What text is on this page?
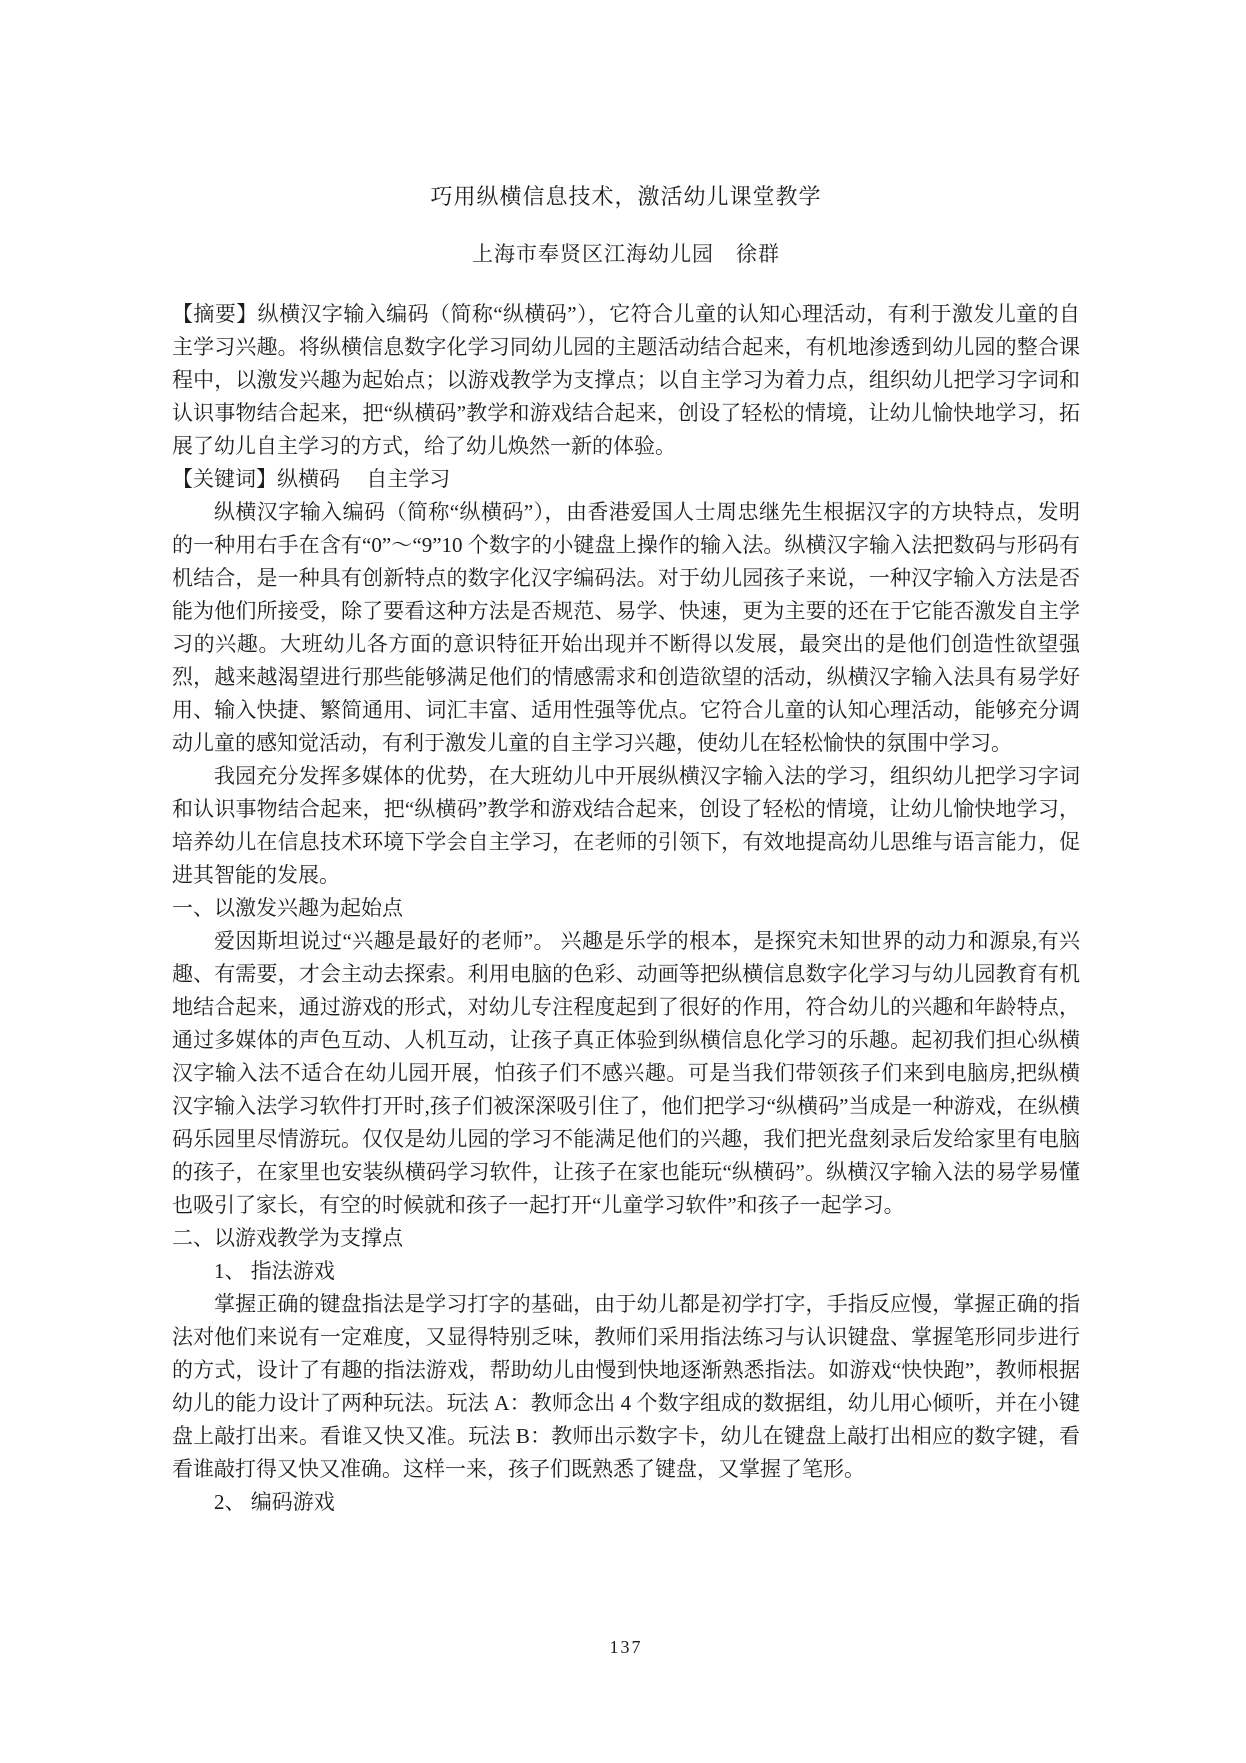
巧用纵横信息技术，激活幼儿课堂教学
上海市奉贤区江海幼儿园　徐群

【摘要】纵横汉字输入编码（简称“纵横码”），它符合儿童的认知心理活动，有利于激发儿童的自主学习兴趣。将纵横信息数字化学习同幼儿园的主题活动结合起来，有机地渗透到幼儿园的整合课程中，以激发兴趣为起始点；以游戏教学为支撑点；以自主学习为着力点，组织幼儿把学习字词和认识事物结合起来，把“纵横码”教学和游戏结合起来，创设了轻松的情境，让幼儿愉快地学习，拓展了幼儿自主学习的方式，给了幼儿焕然一新的体验。

【关键词】纵横码　 自主学习

纵横汉字输入编码（简称“纵横码”），由香港爱国人士周忠继先生根据汉字的方块特点，发明的一种用右手在含有“0”～“9”10 个数字的小键盘上操作的输入法。纵横汉字输入法把数码与形码有机结合，是一种具有创新特点的数字化汉字编码法。对于幼儿园孩子来说，一种汉字输入方法是否能为他们所接受，除了要看这种方法是否规范、易学、快速，更为主要的还在于它能否激发自主学习的兴趣。大班幼儿各方面的意识特征开始出现并不断得以发展，最突出的是他们创造性欲望强烈，越来越渴望进行那些能够满足他们的情感需求和创造欲望的活动，纵横汉字输入法具有易学好用、输入快捷、繁简通用、词汇丰富、适用性强等优点。它符合儿童的认知心理活动，能够充分调动儿童的感知觉活动，有利于激发儿童的自主学习兴趣，使幼儿在轻松愉快的氛围中学习。

我园充分发挥多媒体的优势，在大班幼儿中开展纵横汉字输入法的学习，组织幼儿把学习字词和认识事物结合起来，把“纵横码”教学和游戏结合起来，创设了轻松的情境，让幼儿愉快地学习，培养幼儿在信息技术环境下学会自主学习，在老师的引领下，有效地提高幼儿思维与语言能力，促进其智能的发展。

一、以激发兴趣为起始点

爱因斯坦说过“兴趣是最好的老师”。 兴趣是乐学的根本，是探究未知世界的动力和源泉,有兴趣、有需要，才会主动去探索。利用电脑的色彩、动画等把纵横信息数字化学习与幼儿园教育有机地结合起来，通过游戏的形式，对幼儿专注程度起到了很好的作用，符合幼儿的兴趣和年龄特点，通过多媒体的声色互动、人机互动，让孩子真正体验到纵横信息化学习的乐趣。起初我们担心纵横汉字输入法不适合在幼儿园开展，怕孩子们不感兴趣。可是当我们带领孩子们来到电脑房,把纵横汉字输入法学习软件打开时,孩子们被深深吸引住了，他们把学习“纵横码”当成是一种游戏，在纵横码乐园里尽情游玩。仅仅是幼儿园的学习不能满足他们的兴趣，我们把光盘刻录后发给家里有电脑的孩子，在家里也安装纵横码学习软件，让孩子在家也能玩“纵横码”。纵横汉字输入法的易学易懂也吸引了家长，有空的时候就和孩子一起打开“儿童学习软件”和孩子一起学习。

二、以游戏教学为支撑点

1、 指法游戏

掌握正确的键盘指法是学习打字的基础，由于幼儿都是初学打字，手指反应慢，掌握正确的指法对他们来说有一定难度，又显得特别乏味，教师们采用指法练习与认识键盘、掌握笔形同步进行的方式，设计了有趣的指法游戏，帮助幼儿由慢到快地逐渐熟悉指法。如游戏“快快跑”，教师根据幼儿的能力设计了两种玩法。玩法 A：教师念出 4 个数字组成的数据组，幼儿用心倾听，并在小键盘上敲打出来。看谁又快又准。玩法 B：教师出示数字卡，幼儿在键盘上敲打出相应的数字键，看看谁敲打得又快又准确。这样一来，孩子们既熟悉了键盘，又掌握了笔形。

2、 编码游戏

137
